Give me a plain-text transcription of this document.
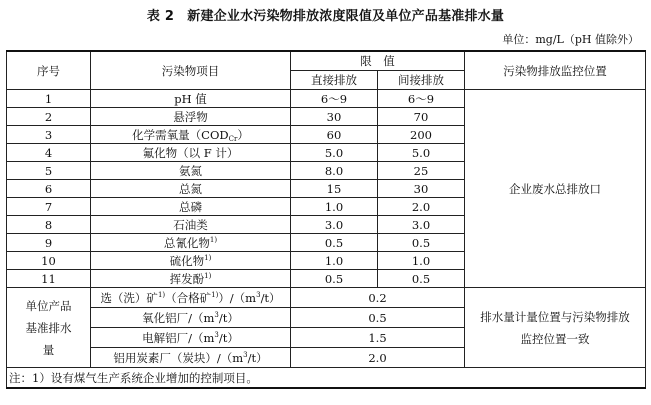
表 2　新建企业水污染物排放浓度限值及单位产品基准排水量
单位：mg/L（pH 值除外）
序号	污染物项目	限　值		污染物排放监控位置
		直接排放	间接排放	
1	pH 值	6～9	6～9	企业废水总排放口
2	悬浮物	30	70	
3	化学需氧量$(COD_{Cr})$	60	200	
4	氟化物（以 F 计）	5.0	5.0	
5	氨氮	8.0	25	
6	总氮	15	30	
7	总磷	1.0	2.0	
8	石油类	3.0	3.0	
9	总氰化物$^{1)}$	0.5	0.5	
10	硫化物$^{1)}$	1.0	1.0	
11	挥发酚$^{1)}$	0.5	0.5	
单位产品基准排水量	选（洗）矿$^{1)}$（合格矿$^{1)})/(m^3/t)$	0.2		排水量计量位置与污染物排放监控位置一致
	氧化铝厂$/(m^3/t)$	0.5		
	电解铝厂$/(m^3/t)$	1.5		
	铝用炭素厂（炭块）$/(m^3/t)$	2.0		
注：1）设有煤气生产系统企业增加的控制项目。				
